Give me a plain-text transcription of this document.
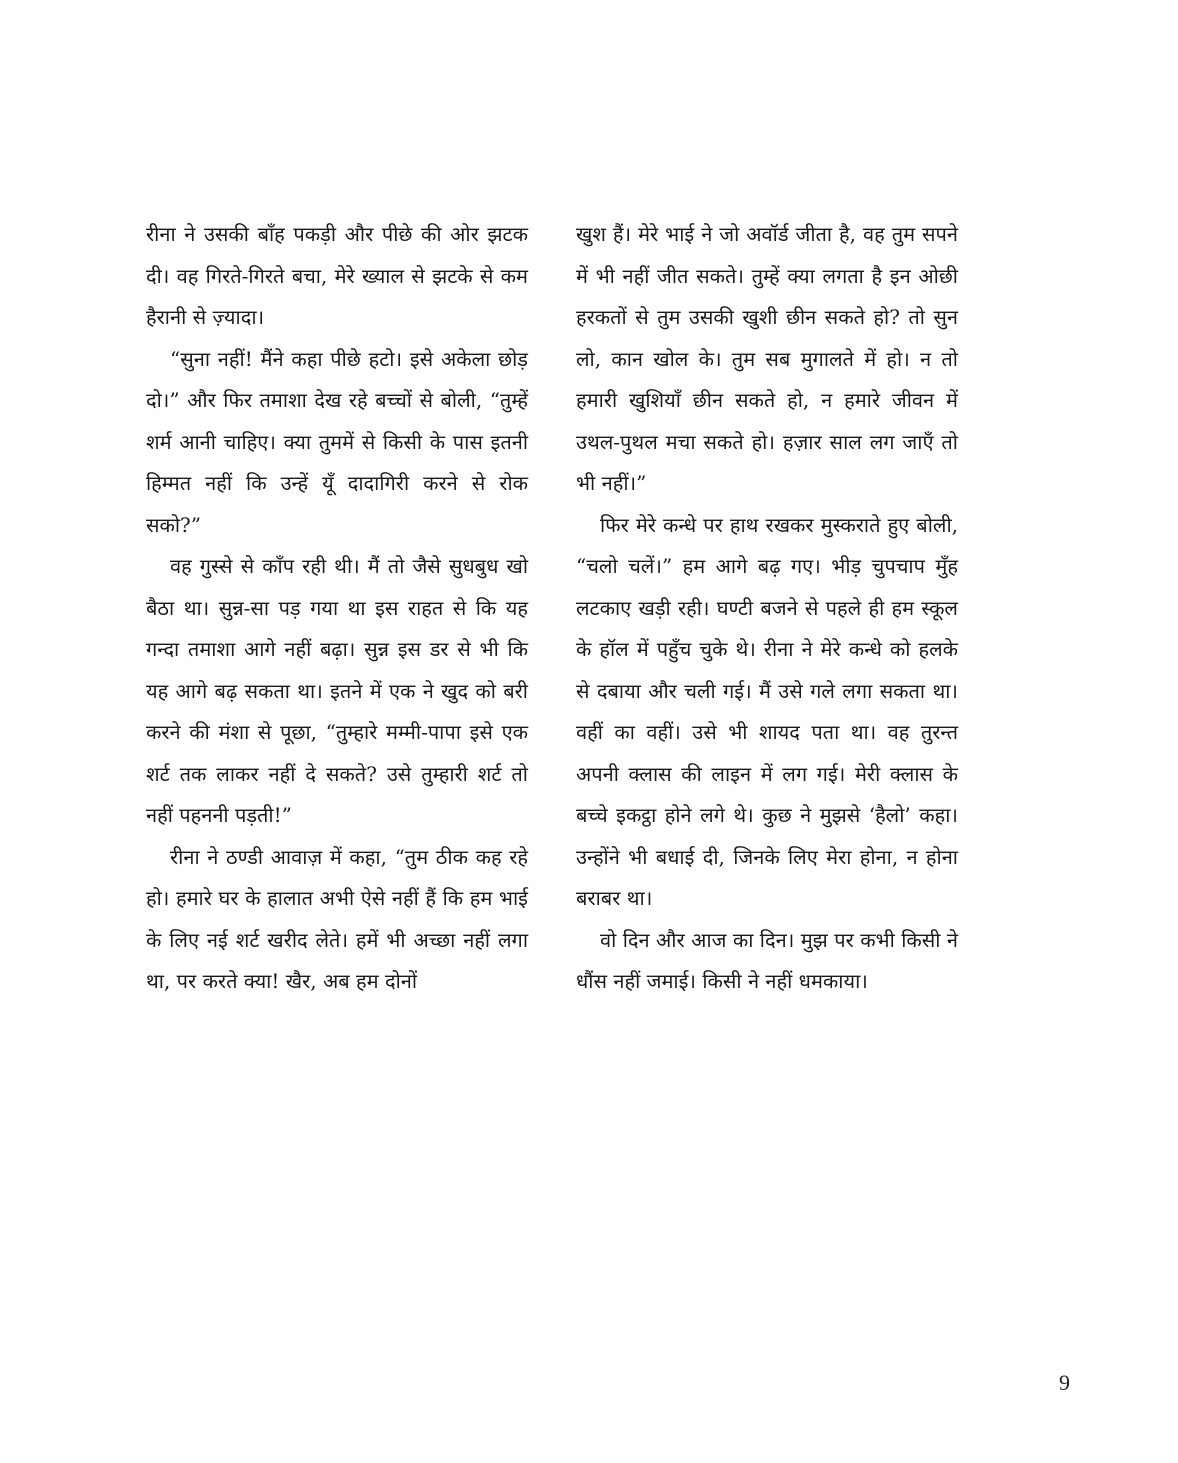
रीना ने उसकी बाँह पकड़ी और पीछे की ओर झटक दी। वह गिरते-गिरते बचा, मेरे ख्याल से झटके से कम हैरानी से ज़्यादा।

“सुना नहीं! मैंने कहा पीछे हटो। इसे अकेला छोड़ दो।” और फिर तमाशा देख रहे बच्चों से बोली, “तुम्हें शर्म आनी चाहिए। क्या तुममें से किसी के पास इतनी हिम्मत नहीं कि उन्हें यूँ दादागिरी करने से रोक सको?”

वह गुस्से से काँप रही थी। मैं तो जैसे सुधबुध खो बैठा था। सुन्न-सा पड़ गया था इस राहत से कि यह गन्दा तमाशा आगे नहीं बढ़ा। सुन्न इस डर से भी कि यह आगे बढ़ सकता था। इतने में एक ने खुद को बरी करने की मंशा से पूछा, “तुम्हारे मम्मी-पापा इसे एक शर्ट तक लाकर नहीं दे सकते? उसे तुम्हारी शर्ट तो नहीं पहननी पड़ती!”

रीना ने ठण्डी आवाज़ में कहा, “तुम ठीक कह रहे हो। हमारे घर के हालात अभी ऐसे नहीं हैं कि हम भाई के लिए नई शर्ट खरीद लेते। हमें भी अच्छा नहीं लगा था, पर करते क्या! खैर, अब हम दोनों

खुश हैं। मेरे भाई ने जो अवॉर्ड जीता है, वह तुम सपने में भी नहीं जीत सकते। तुम्हें क्या लगता है इन ओछी हरकतों से तुम उसकी खुशी छीन सकते हो? तो सुन लो, कान खोल के। तुम सब मुगालते में हो। न तो हमारी खुशियाँ छीन सकते हो, न हमारे जीवन में उथल-पुथल मचा सकते हो। हज़ार साल लग जाएँ तो भी नहीं।”

फिर मेरे कन्धे पर हाथ रखकर मुस्कराते हुए बोली, “चलो चलें।” हम आगे बढ़ गए। भीड़ चुपचाप मुँह लटकाए खड़ी रही। घण्टी बजने से पहले ही हम स्कूल के हॉल में पहुँच चुके थे। रीना ने मेरे कन्धे को हलके से दबाया और चली गई। मैं उसे गले लगा सकता था। वहीं का वहीं। उसे भी शायद पता था। वह तुरन्त अपनी क्लास की लाइन में लग गई। मेरी क्लास के बच्चे इकट्ठा होने लगे थे। कुछ ने मुझसे ‘हैलो’ कहा। उन्होंने भी बधाई दी, जिनके लिए मेरा होना, न होना बराबर था।

वो दिन और आज का दिन। मुझ पर कभी किसी ने धौंस नहीं जमाई। किसी ने नहीं धमकाया।

9
